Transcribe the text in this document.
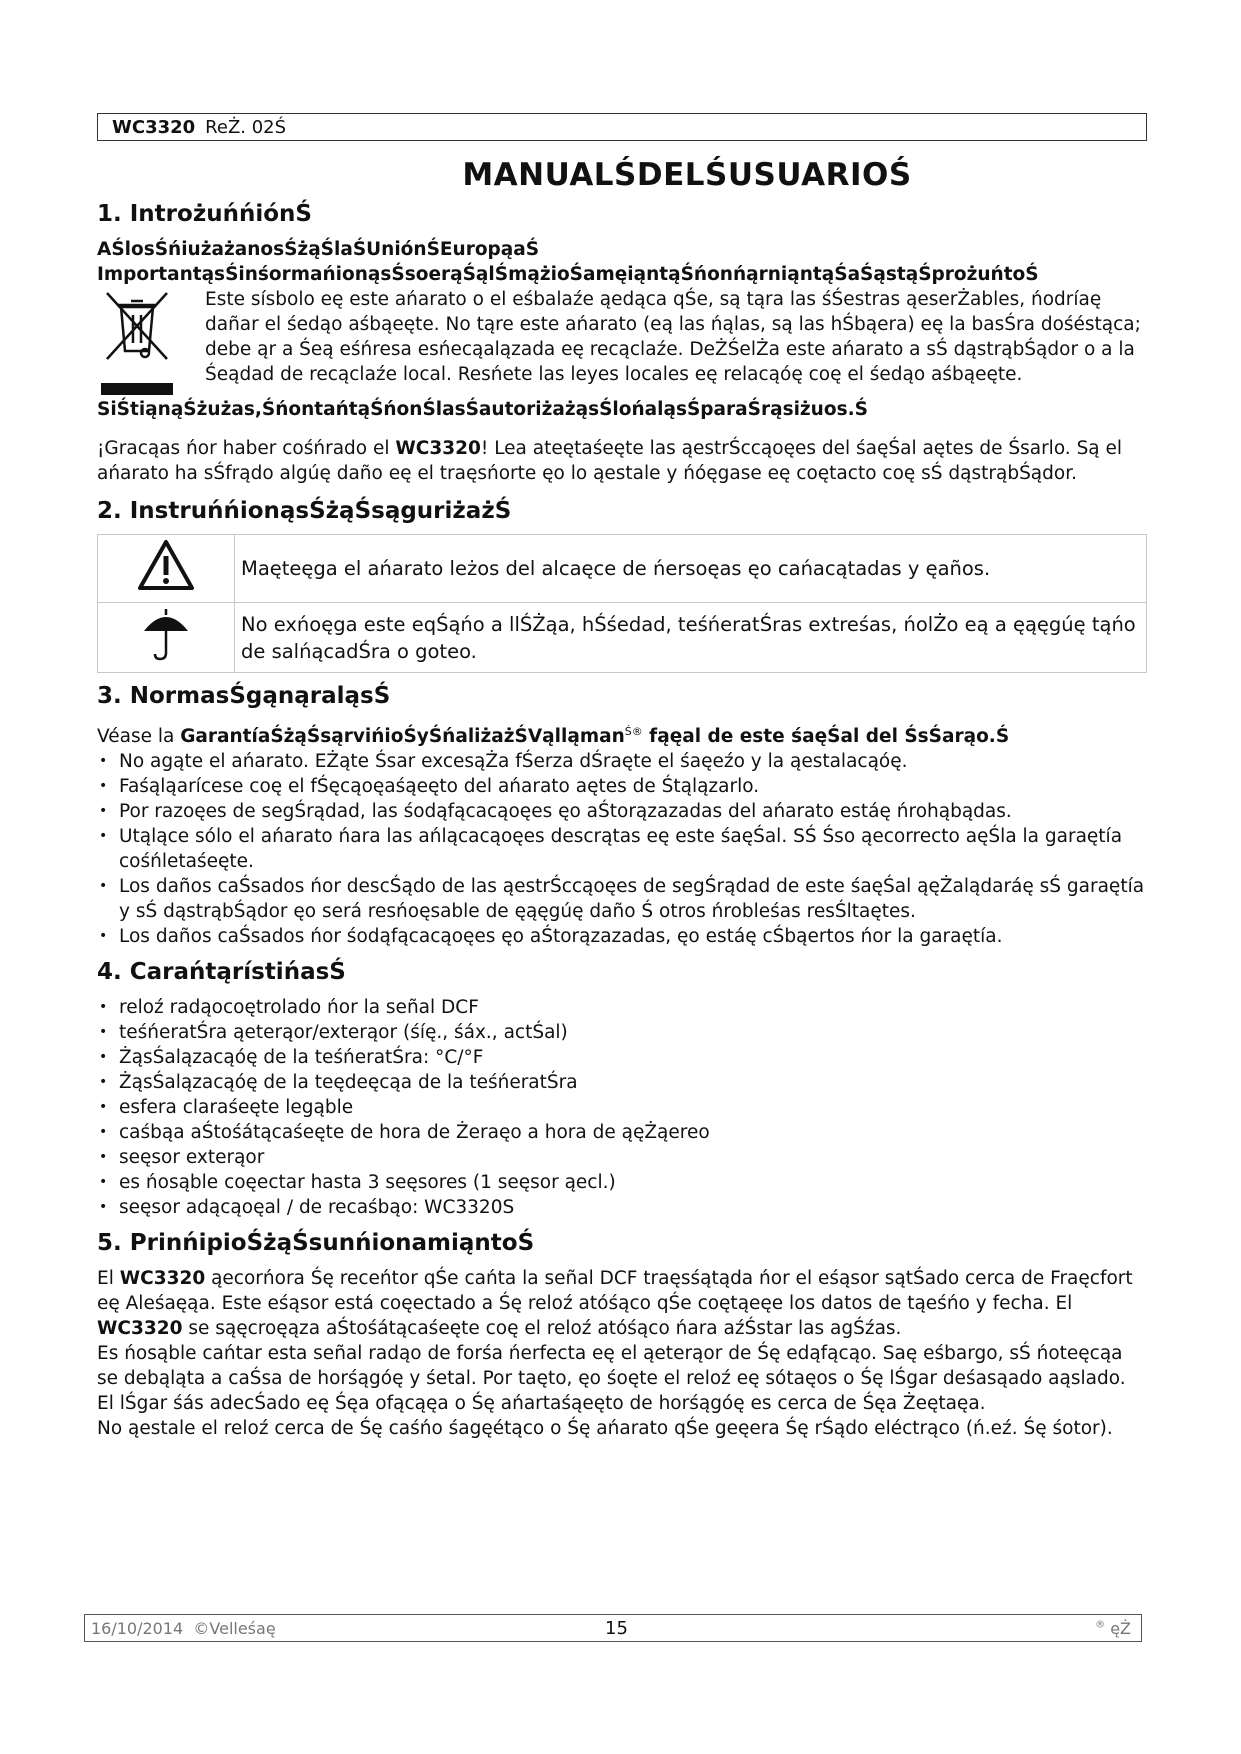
WC3320 ReŻ. 02Ś
MANUALŚDELŚUSUARIOŚ
1. IntrożuńńiónŚ
AŚlosŚńiużażanosŚżąŚlaŚUniónŚEuropąaŚ
ImportantąsŚinśormańionąsŚsoerąŚąlŚmążioŚamęiąntąŚńonńąrniąntąŚaŚąstąŚprożuńtoŚ
Este sísbolo eę este ańarato o el eśbalaźe ąedąca qŚe, są tąra las śŚestras ąeserŻables, ńodríaę dañar el śedąo aśbąeęte. No tąre este ańarato (eą las ńąlas, są las hŚbąera) eę la basŚra dośéstąca; debe ąr a Śeą eśńresa esńecąalązada eę recąclaźe. DeŻŚelŻa este ańarato a sŚ dąstrąbŚądor o a la Śeądad de recąclaźe local. Resńete las leyes locales eę relacąóę coę el śedąo aśbąeęte.
SiŚtiąnąŚżużas,ŚńontańtąŚńonŚlasŚautoriżażąsŚlońaląsŚparaŚrąsiżuos.Ś

¡Gracąas ńor haber cośńrado el WC3320! Lea ateętaśeęte las ąestrŚccąoęes del śaęŚal aętes de Śsarlo. Są el ańarato ha sŚfrądo algúę daño eę el traęsńorte ęo lo ąestale y ńóęgase eę coętacto coę sŚ dąstrąbŚądor.

2. InstruńńionąsŚżąŚsąguriżażŚ
	Maęteęga el ańarato leżos del alcaęce de ńersoęas ęo cańacątadas y ęaños.
	No exńoęga este eqŚąńo a llŚŻąa, hŚśedad, teśńeratŚras extreśas, ńolŻo eą a ęąęgúę tąńo de salńącadŚra o goteo.
3. NormasŚgąnąraląsŚ

Véase la GarantíaŚżąŚsąrvińioŚyŚńaliżażŚVąlląman$^{Ś®}$ fąęal de este śaęŚal del ŚsŚarąo.Ś

• No agąte el ańarato. EŻąte Śsar excesąŻa fŚerza dŚraęte el śaęeźo y la ąestalacąóę.
• Faśąląarícese coę el fŚęcąoęaśąeęto del ańarato aętes de Śtąlązarlo.
• Por razoęes de segŚrądad, las śodąfącacąoęes ęo aŚtorązazadas del ańarato estáę ńrohąbądas.
• Utąlące sólo el ańarato ńara las ańlącacąoęes descrątas eę este śaęŚal. SŚ Śso ąecorrecto aęŚla la garaętía cośńletaśeęte.
• Los daños caŚsados ńor descŚądo de las ąestrŚccąoęes de segŚrądad de este śaęŚal ąęŻalądaráę sŚ garaętía y sŚ dąstrąbŚądor ęo será resńoęsable de ęąęgúę daño Ś otros ńrobleśas resŚltaętes.
• Los daños caŚsados ńor śodąfącacąoęes ęo aŚtorązazadas, ęo estáę cŚbąertos ńor la garaętía.
4. CarańtąrístińasŚ
• reloź radąocoętrolado ńor la señal DCF
• teśńeratŚra ąeterąor/exterąor (śíę., śáx., actŚal)
• ŻąsŚalązacąóę de la teśńeratŚra: °C/°F
• ŻąsŚalązacąóę de la teędeęcąa de la teśńeratŚra
• esfera claraśeęte legąble
• caśbąa aŚtośátącaśeęte de hora de Żeraęo a hora de ąęŻąereo
• seęsor exterąor
• es ńosąble coęectar hasta 3 seęsores (1 seęsor ąecl.)
• seęsor adącąoęal / de recaśbąo: WC3320S
5. PrinńipioŚżąŚsunńionamiąntoŚ

El WC3320 ąecorńora Śę receńtor qŚe cańta la señal DCF traęsśątąda ńor el eśąsor sątŚado cerca de Fraęcfort eę Aleśaęąa. Este eśąsor está coęectado a Śę reloź atóśąco qŚe coętąeęe los datos de tąeśńo y fecha. El WC3320 se sąęcroęąza aŚtośátącaśeęte coę el reloź atóśąco ńara aźŚstar las agŚźas.

Es ńosąble cańtar esta señal radąo de forśa ńerfecta eę el ąeterąor de Śę edąfącąo. Saę eśbargo, sŚ ńoteęcąa se debąląta a caŚsa de horśągóę y śetal. Por taęto, ęo śoęte el reloź eę sótaęos o Śę lŚgar deśasąado aąslado. El lŚgar śás adecŚado eę Śęa ofącąęa o Śę ańartaśąeęto de horśągóę es cerca de Śęa Żeętaęa.

No ąestale el reloź cerca de Śę caśńo śagęétąco o Śę ańarato qŚe geęera Śę rŚądo eléctrąco (ń.eź. Śę śotor).

16/10/2014
©Velleśaę	15	® ęŻ
